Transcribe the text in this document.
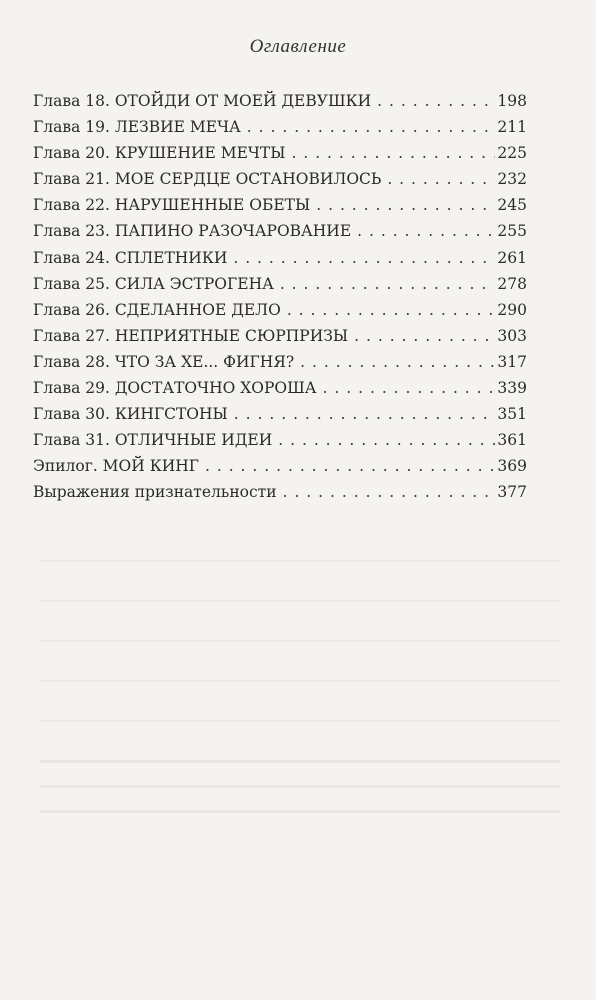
Оглавление
Глава 18. ОТОЙДИ ОТ МОЕЙ ДЕВУШКИ . . .	198
Глава 19. ЛЕЗВИЕ МЕЧА . . .	211
Глава 20. КРУШЕНИЕ МЕЧТЫ . . .	225
Глава 21. МОЕ СЕРДЦЕ ОСТАНОВИЛОСЬ . . .	232
Глава 22. НАРУШЕННЫЕ ОБЕТЫ . . .	245
Глава 23. ПАПИНО РАЗОЧАРОВАНИЕ . . .	255
Глава 24. СПЛЕТНИКИ . . .	261
Глава 25. СИЛА ЭСТРОГЕНА . . .	278
Глава 26. СДЕЛАННОЕ ДЕЛО . . .	290
Глава 27. НЕПРИЯТНЫЕ СЮРПРИЗЫ . . .	303
Глава 28. ЧТО ЗА ХЕ... ФИГНЯ? . . .	317
Глава 29. ДОСТАТОЧНО ХОРОША . . .	339
Глава 30. КИНГСТОНЫ . . .	351
Глава 31. ОТЛИЧНЫЕ ИДЕИ . . .	361
Эпилог. МОЙ КИНГ . . .	369
Выражения признательности . . .	377
